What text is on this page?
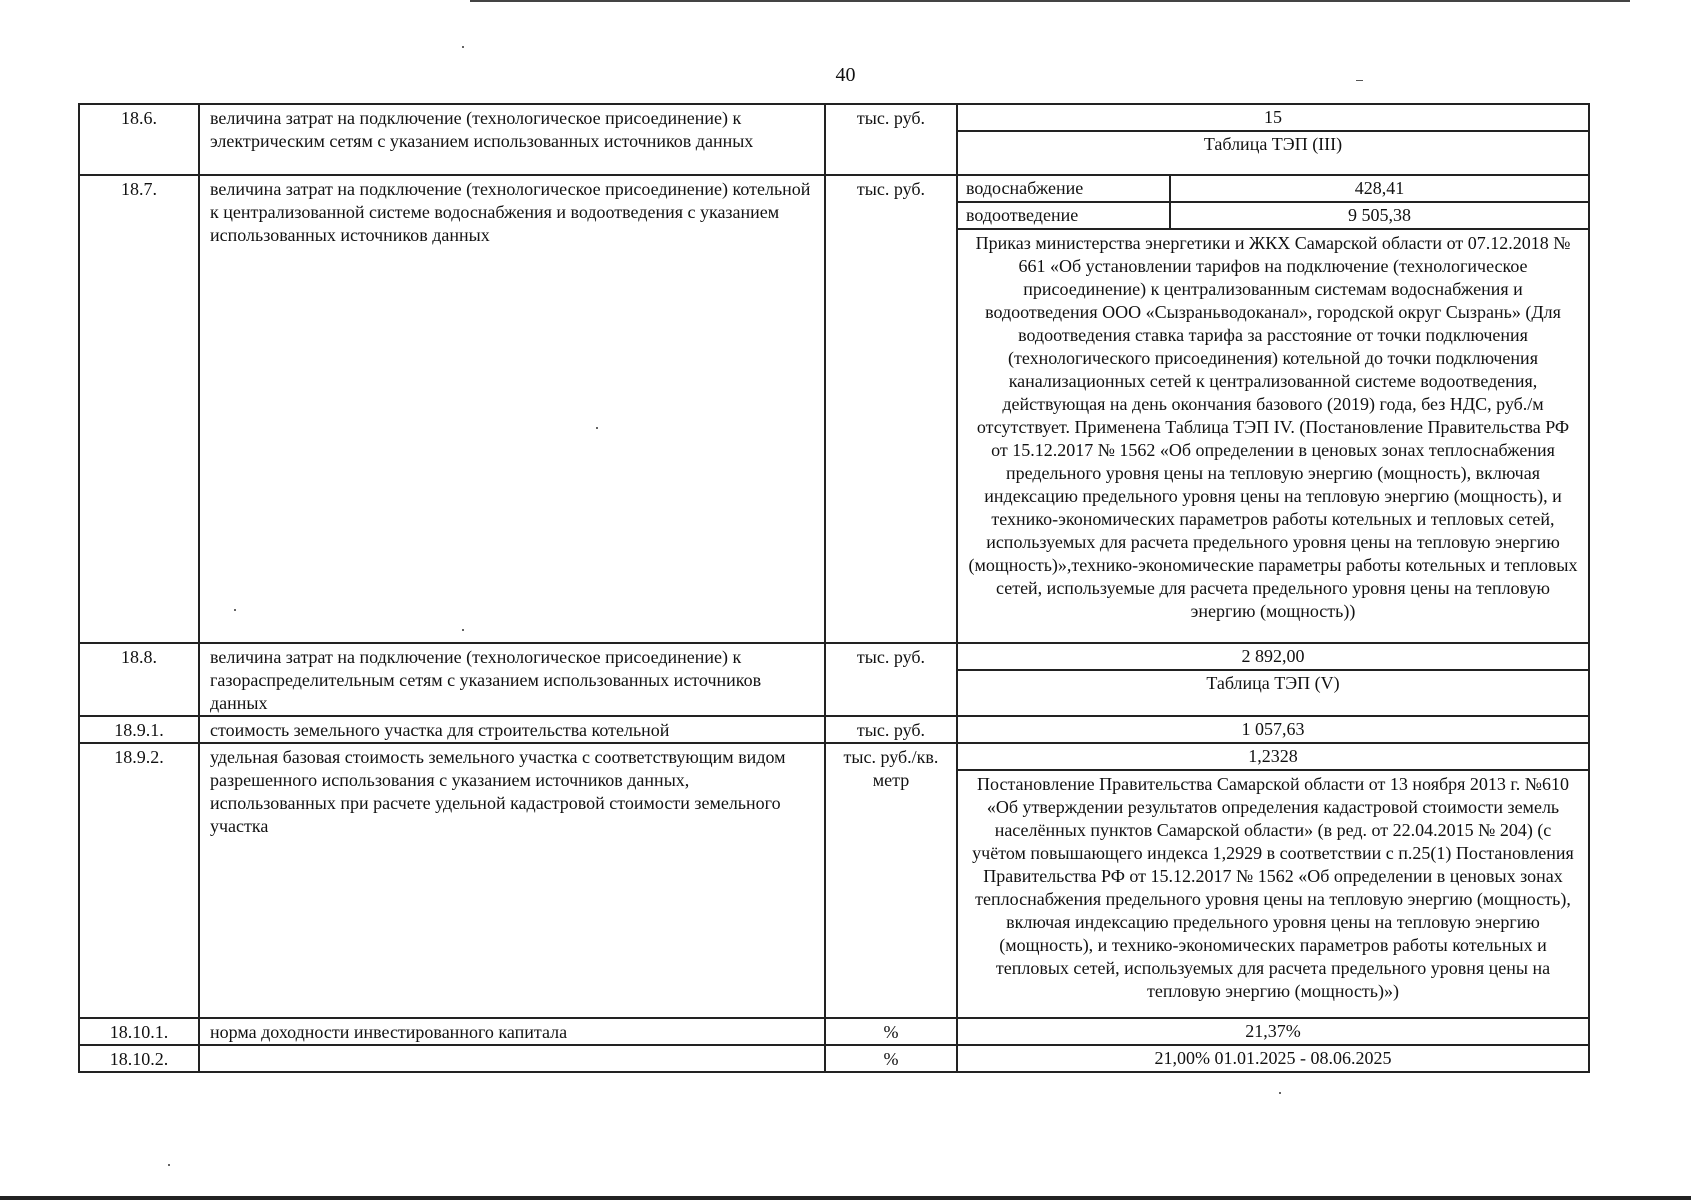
40
18.6.	величина затрат на подключение (технологическое присоединение) к электрическим сетям с указанием использованных источников данных	тыс. руб.	15
Таблица ТЭП (III)

18.7.	величина затрат на подключение (технологическое присоединение) котельной к централизованной системе водоснабжения и водоотведения с указанием использованных источников данных	тыс. руб.	водоснабжение	428,41
водоотведение	9 505,38
Приказ министерства энергетики и ЖКХ Самарской области от 07.12.2018 № 661 «Об установлении тарифов на подключение (технологическое присоединение) к централизованным системам водоснабжения и водоотведения ООО «Сызраньводоканал», городской округ Сызрань» (Для водоотведения ставка тарифа за расстояние от точки подключения (технологического присоединения) котельной до точки подключения канализационных сетей к централизованной системе водоотведения, действующая на день окончания базового (2019) года, без НДС, руб./м отсутствует. Применена Таблица ТЭП IV. (Постановление Правительства РФ от 15.12.2017 № 1562 «Об определении в ценовых зонах теплоснабжения предельного уровня цены на тепловую энергию (мощность), включая индексацию предельного уровня цены на тепловую энергию (мощность), и технико-экономических параметров работы котельных и тепловых сетей, используемых для расчета предельного уровня цены на тепловую энергию (мощность)»,технико-экономические параметры работы котельных и тепловых сетей, используемые для расчета предельного уровня цены на тепловую энергию (мощность))

18.8.	величина затрат на подключение (технологическое присоединение) к газораспределительным сетям с указанием использованных источников данных	тыс. руб.	2 892,00
Таблица ТЭП (V)

18.9.1.	стоимость земельного участка для строительства котельной	тыс. руб.	1 057,63

18.9.2.	удельная базовая стоимость земельного участка с соответствующим видом разрешенного использования с указанием источников данных, использованных при расчете удельной кадастровой стоимости земельного участка	тыс. руб./кв. метр	
1,2328
Постановление Правительства Самарской области от 13 ноября 2013 г. №610 «Об утверждении результатов определения кадастровой стоимости земель населённых пунктов Самарской области» (в ред. от 22.04.2015 № 204) (с учётом повышающего индекса 1,2929 в соответствии с п.25(1) Постановления Правительства РФ от 15.12.2017 № 1562 «Об определении в ценовых зонах теплоснабжения предельного уровня цены на тепловую энергию (мощность), включая индексацию предельного уровня цены на тепловую энергию (мощность), и технико-экономических параметров работы котельных и тепловых сетей, используемых для расчета предельного уровня цены на тепловую энергию (мощность)»)

18.10.1.	норма доходности инвестированного капитала	%	21,37%

18.10.2.		%	21,00% 01.01.2025 - 08.06.2025
